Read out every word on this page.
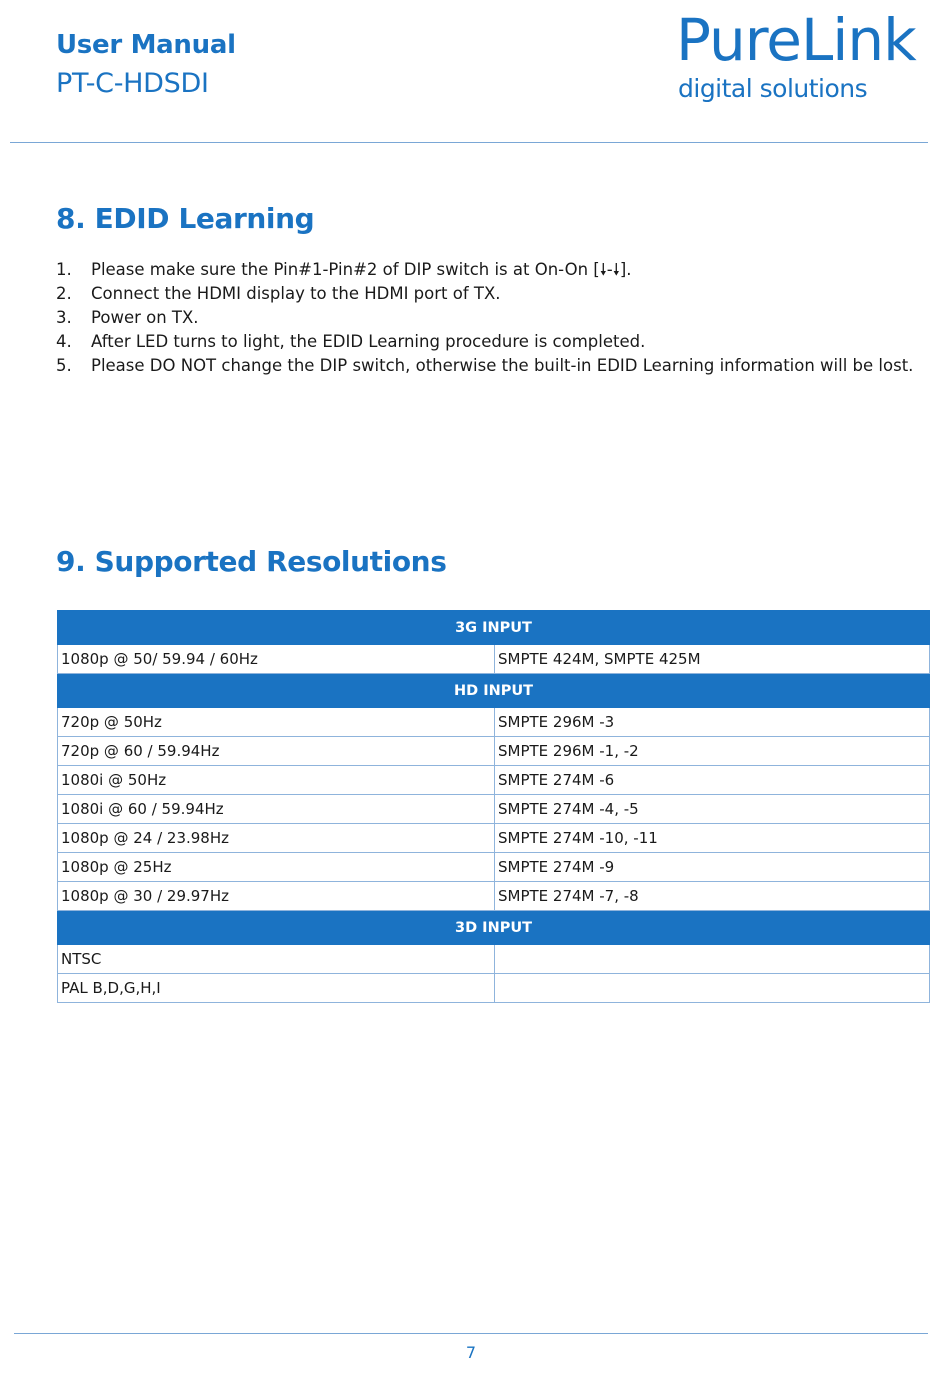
User Manual
PT-C-HDSDI
PureLink
digital solutions
8. EDID Learning
1.	Please make sure the Pin#1-Pin#2 of DIP switch is at On-On [🠗-🠗].
2.	Connect the HDMI display to the HDMI port of TX.
3.	Power on TX.
4.	After LED turns to light, the EDID Learning procedure is completed.
5.	Please DO NOT change the DIP switch, otherwise the built-in EDID Learning information will be lost.
9. Supported Resolutions
3G INPUT	
1080p @ 50/ 59.94 / 60Hz	SMPTE 424M, SMPTE 425M
HD INPUT	
720p @ 50Hz	SMPTE 296M -3
720p @ 60 / 59.94Hz	SMPTE 296M -1, -2
1080i @ 50Hz	SMPTE 274M -6
1080i @ 60 / 59.94Hz	SMPTE 274M -4, -5
1080p @ 24 / 23.98Hz	SMPTE 274M -10, -11
1080p @ 25Hz	SMPTE 274M -9
1080p @ 30 / 29.97Hz	SMPTE 274M -7, -8
3D INPUT	
NTSC	
PAL B,D,G,H,I	
7
